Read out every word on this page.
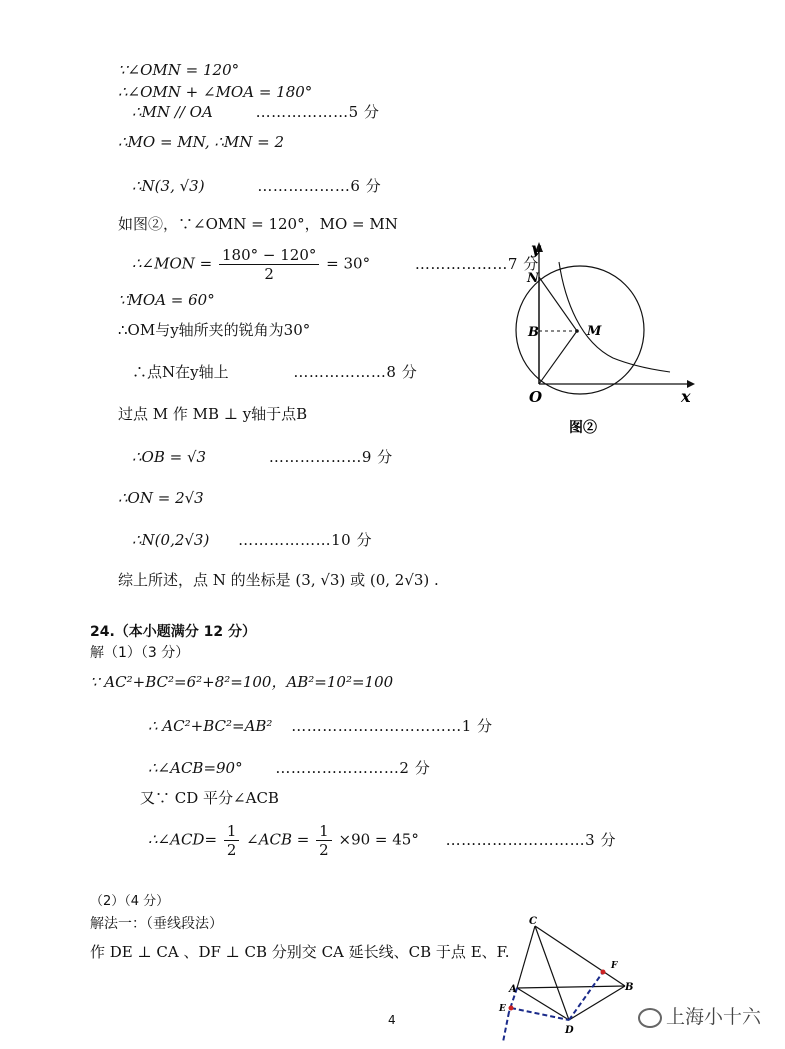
∵∠OMN = 120°
∴∠OMN + ∠MOA = 180°
∴MN // OA	………………5 分
∴MO = MN, ∴MN = 2
∴N(3, √3)	………………6 分
如图②，∵∠OMN = 120°，MO = MN
∴∠MON = $\frac{180^\circ - 120^\circ}{2} = 30^\circ$	………………7 分
∵MOA = 60°
∴OM与y轴所夹的锐角为30°
∴点N在y轴上	………………8 分
过点 M 作 MB ⊥ y轴于点B
∴OB = √3	………………9 分
∴ON = 2√3
∴N(0,2√3) ………………10 分
综上所述，点 N 的坐标是 (3, √3) 或 (0, 2√3) .
y
x
N
B	M
O
图②
24.（本小题满分 12 分）
解（1）（3 分）
∵ AC²+BC²=6²+8²=100，AB²=10²=100
∴ AC²+BC²=AB² ……………………………1 分
∴∠ACB=90° ……………………2 分
又∵ CD 平分∠ACB
∴∠ACD= $\frac{1}{2}$ ∠ACB = $\frac{1}{2} \times 90 = 45^\circ$ ………………………3 分
（2）（4 分）
解法一：（垂线段法）
作 DE ⊥ CA 、DF ⊥ CB 分别交 CA 延长线、CB 于点 E、F.
C
F
A	B
E
D
4	上海小十六
